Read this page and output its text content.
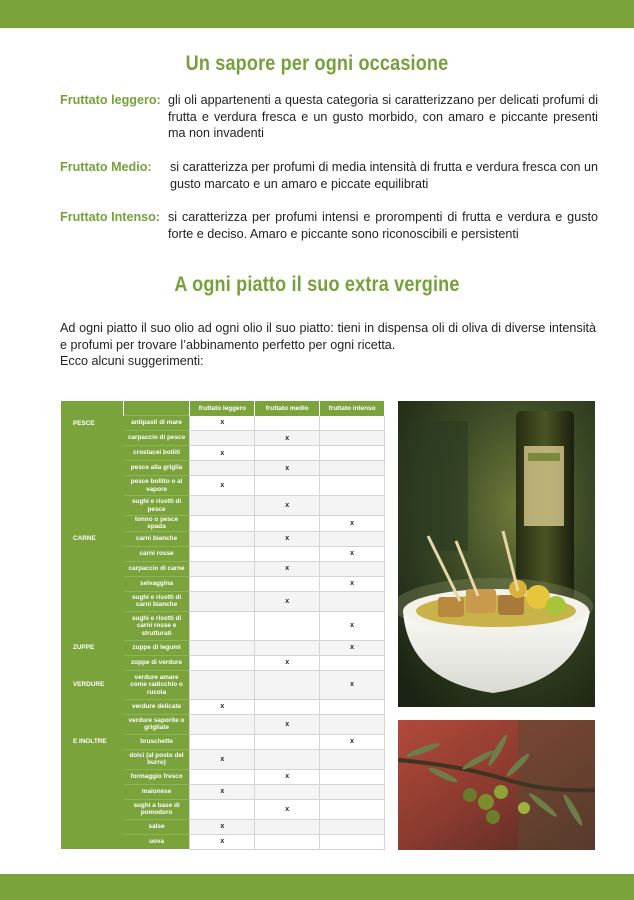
Un sapore per ogni occasione
Fruttato leggero: gli oli appartenenti a questa categoria si caratterizzano per delicati profumi di frutta e verdura fresca e un gusto morbido, con amaro e piccante presenti ma non invadenti
Fruttato Medio: si caratterizza per profumi di media intensità di frutta e verdura fresca con un gusto marcato e un amaro e piccate equilibrati
Fruttato Intenso: si caratterizza per profumi intensi e prorompenti di frutta e verdura e gusto forte e deciso. Amaro e piccante sono riconoscibili e persistenti
A ogni piatto il suo extra vergine

Ad ogni piatto il suo olio ad ogni olio il suo piatto: tieni in dispensa oli di oliva di diverse intensità e profumi per trovare l’abbinamento perfetto per ogni ricetta.

Ecco alcuni suggerimenti:

		fruttato leggero	fruttato medio	fruttato intenso
PESCE	antipasti di mare	x		
	carpaccio di pesce		x	
	crostacei bolliti	x		
	pesce alla griglia		x	
	pesce bollito o al vapore	x		
	sughi e risotti di pesce		x	
	tonno o pesce spada			x
CARNE	carni bianche		x	
	carni rosse			x
	carpaccio di carne		x	
	selvaggina			x
	sughi e risotti di carni bianche		x	
	sughi e risotti di carni rosse e strutturati			x
ZUPPE	zuppe di legumi			x
	zuppe di verdure		x	
VERDURE	verdure amare come radicchio o rucola			x
	verdure delicate	x		
	verdure saporite o grigliate		x	
E INOLTRE	bruschette			x
	dolci (al posto del burro)	x		
	formaggio fresco		x	
	maionese	x		
	sughi a base di pomodoro		x	
	salse	x		
	uova	x		
